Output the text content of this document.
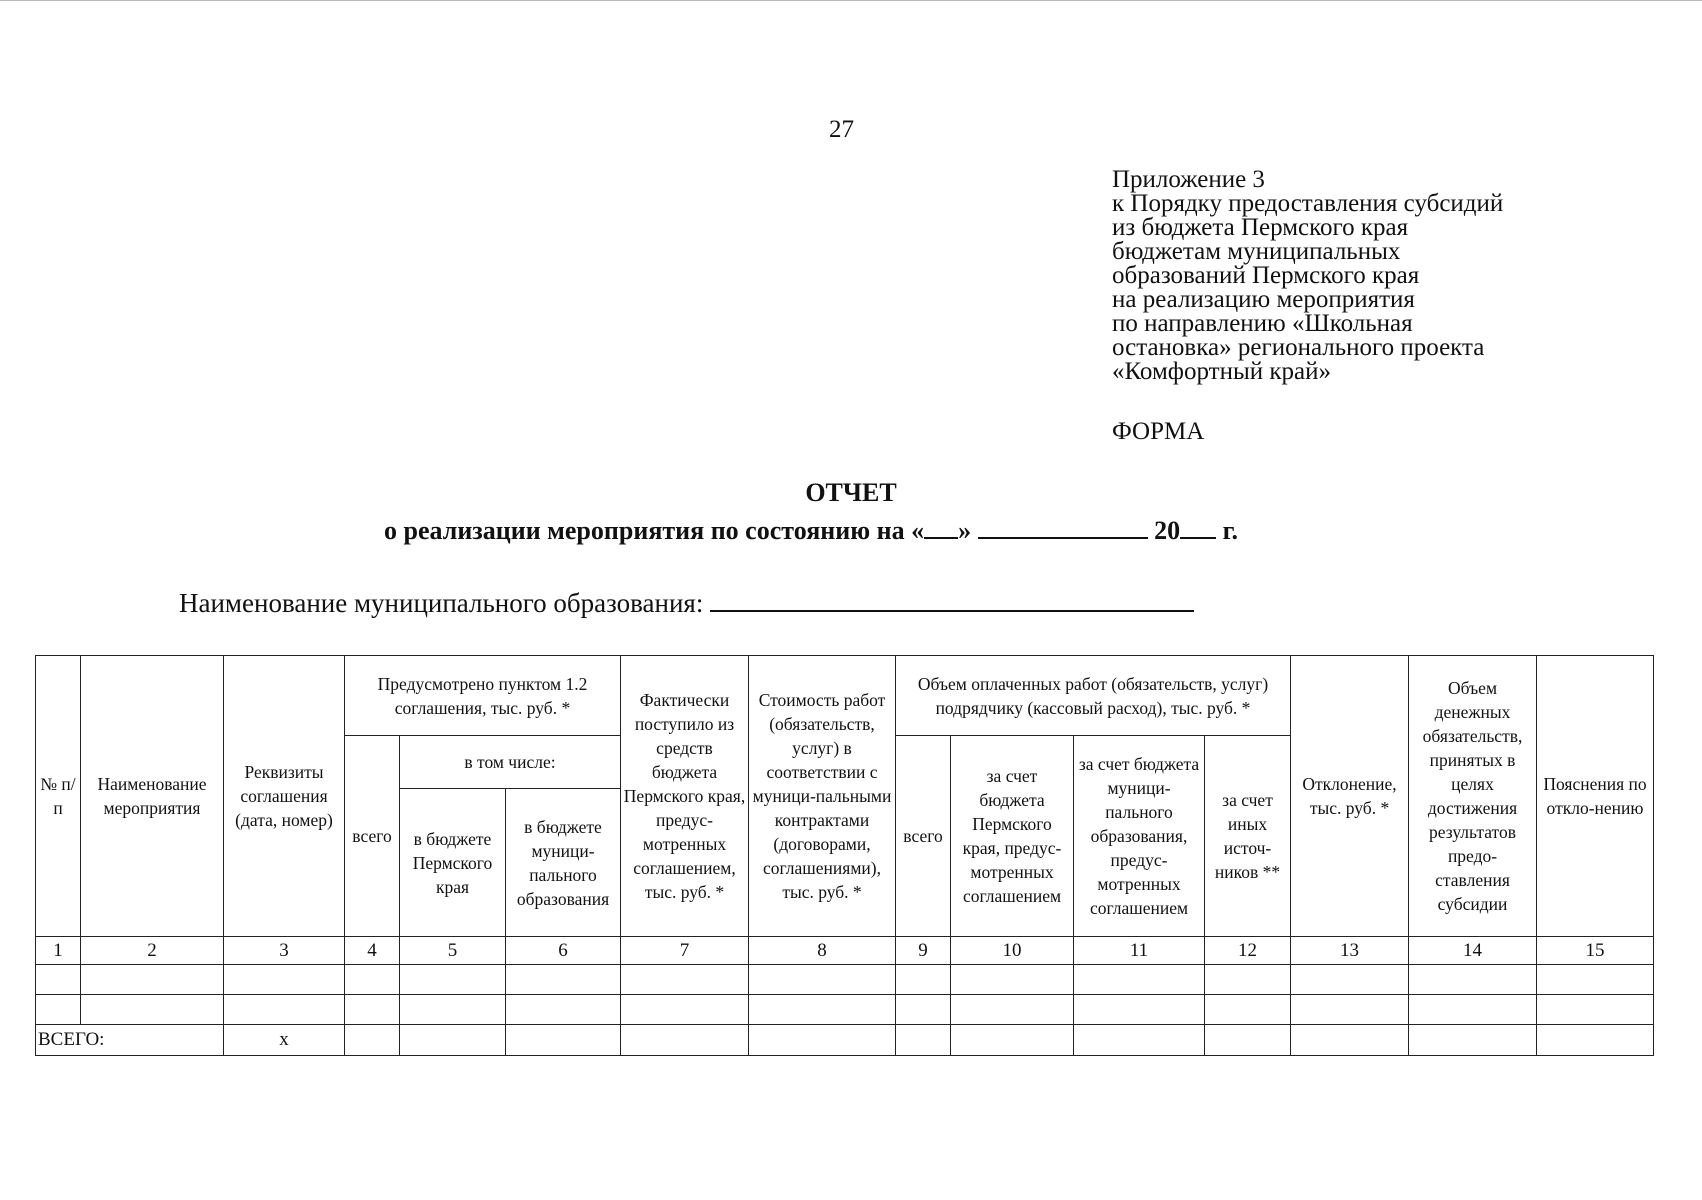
27
Приложение 3
к Порядку предоставления субсидий
из бюджета Пермского края
бюджетам муниципальных
образований Пермского края
на реализацию мероприятия
по направлению «Школьная
остановка» регионального проекта
«Комфортный край»
ФОРМА
ОТЧЕТ
о реализации мероприятия по состоянию на « »	20 г.
Наименование муниципального образования:
№ п/п	Наименование мероприятия	Реквизиты соглашения (дата, номер)	Предусмотрено пунктом 1.2 соглашения, тыс. руб. *			Фактически поступило из средств бюджета Пермского края, предус-мотренных соглашением, тыс. руб. *	Стоимость работ (обязательств, услуг) в соответствии с муници-пальными контрактами (договорами, соглашениями), тыс. руб. *	Объем оплаченных работ (обязательств, услуг) подрядчику (кассовый расход), тыс. руб. *				Отклонение, тыс. руб. *	Объем денежных обязательств, принятых в целях достижения результатов предо-ставления субсидии	Пояснения по откло-нению
			всего	в том числе:				всего	за счет бюджета Пермского края, предус-мотренных соглашением	за счет бюджета муници-пального образования, предус-мотренных соглашением	за счет иных источ-ников **			
				в бюджете Пермского края	в бюджете муници-пального образования									
1	2	3	4	5	6	7	8	9	10	11	12	13	14	15

ВСЕГО:		x												
